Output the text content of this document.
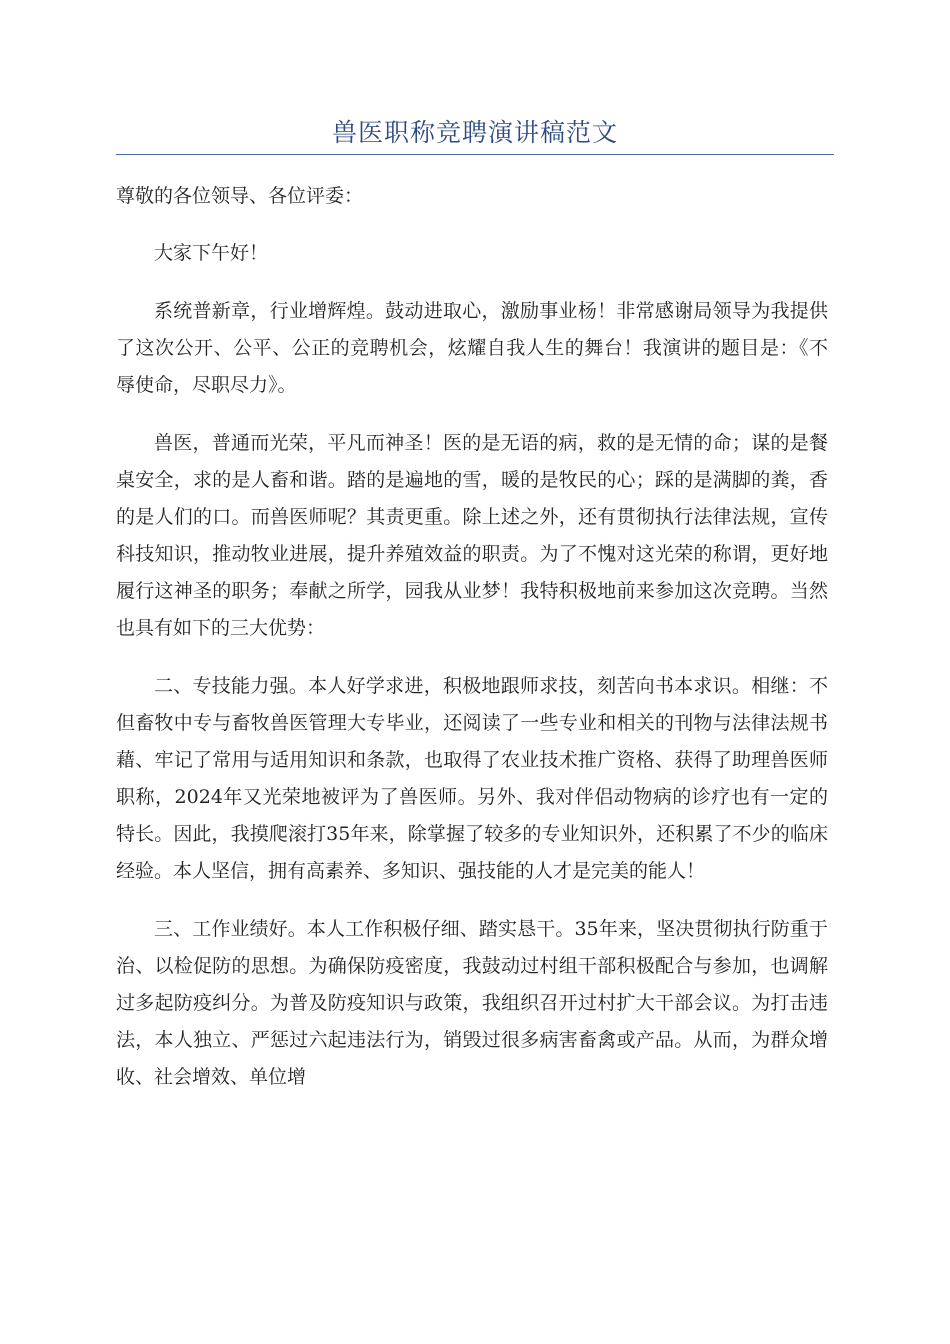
兽医职称竞聘演讲稿范文

尊敬的各位领导、各位评委：

大家下午好！

系统普新章，行业增辉煌。鼓动进取心，激励事业杨！非常感谢局领导为我提供了这次公开、公平、公正的竞聘机会，炫耀自我人生的舞台！我演讲的题目是：《不辱使命，尽职尽力》。

兽医，普通而光荣，平凡而神圣！医的是无语的病，救的是无情的命；谋的是餐桌安全，求的是人畜和谐。踏的是遍地的雪，暖的是牧民的心；踩的是满脚的粪，香的是人们的口。而兽医师呢？其责更重。除上述之外，还有贯彻执行法律法规，宣传科技知识，推动牧业进展，提升养殖效益的职责。为了不愧对这光荣的称谓，更好地履行这神圣的职务；奉献之所学，园我从业梦！我特积极地前来参加这次竞聘。当然也具有如下的三大优势：

二、专技能力强。本人好学求进，积极地跟师求技，刻苦向书本求识。相继：不但畜牧中专与畜牧兽医管理大专毕业，还阅读了一些专业和相关的刊物与法律法规书藉、牢记了常用与适用知识和条款，也取得了农业技术推广资格、获得了助理兽医师职称，2024年又光荣地被评为了兽医师。另外、我对伴侣动物病的诊疗也有一定的特长。因此，我摸爬滚打35年来，除掌握了较多的专业知识外，还积累了不少的临床经验。本人坚信，拥有高素养、多知识、强技能的人才是完美的能人！

三、工作业绩好。本人工作积极仔细、踏实恳干。35年来，坚决贯彻执行防重于治、以检促防的思想。为确保防疫密度，我鼓动过村组干部积极配合与参加，也调解过多起防疫纠分。为普及防疫知识与政策，我组织召开过村扩大干部会议。为打击违法，本人独立、严惩过六起违法行为，销毁过很多病害畜禽或产品。从而，为群众增收、社会增效、单位增
